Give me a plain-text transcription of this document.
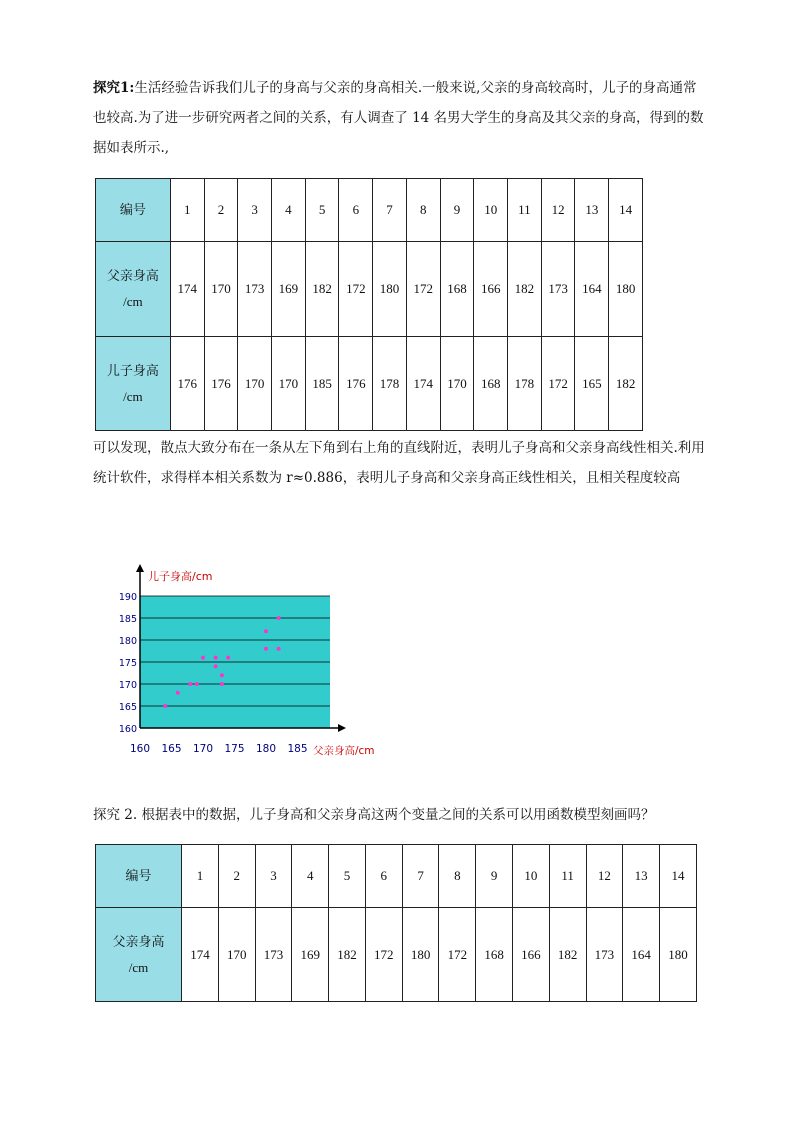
探究1:生活经验告诉我们儿子的身高与父亲的身高相关.一般来说,父亲的身高较高时，儿子的身高通常也较高.为了进一步研究两者之间的关系，有人调查了 14 名男大学生的身高及其父亲的身高，得到的数据如表所示.,
编号	1	2	3	4	5	6	7	8	9	10	11	12	13	14
父亲身高
/cm	174	170	173	169	182	172	180	172	168	166	182	173	164	180
儿子身高
/cm	176	176	170	170	185	176	178	174	170	168	178	172	165	182
可以发现，散点大致分布在一条从左下角到右上角的直线附近，表明儿子身高和父亲身高线性相关.利用统计软件，求得样本相关系数为 r≈0.886，表明儿子身高和父亲身高正线性相关，且相关程度较高
160 165 170 175 180 185
160
165
170
175
180
185
190
儿子身高/cm
父亲身高/cm
探究 2. 根据表中的数据，儿子身高和父亲身高这两个变量之间的关系可以用函数模型刻画吗？
编号	1	2	3	4	5	6	7	8	9	10	11	12	13	14
父亲身高
/cm	174	170	173	169	182	172	180	172	168	166	182	173	164	180
